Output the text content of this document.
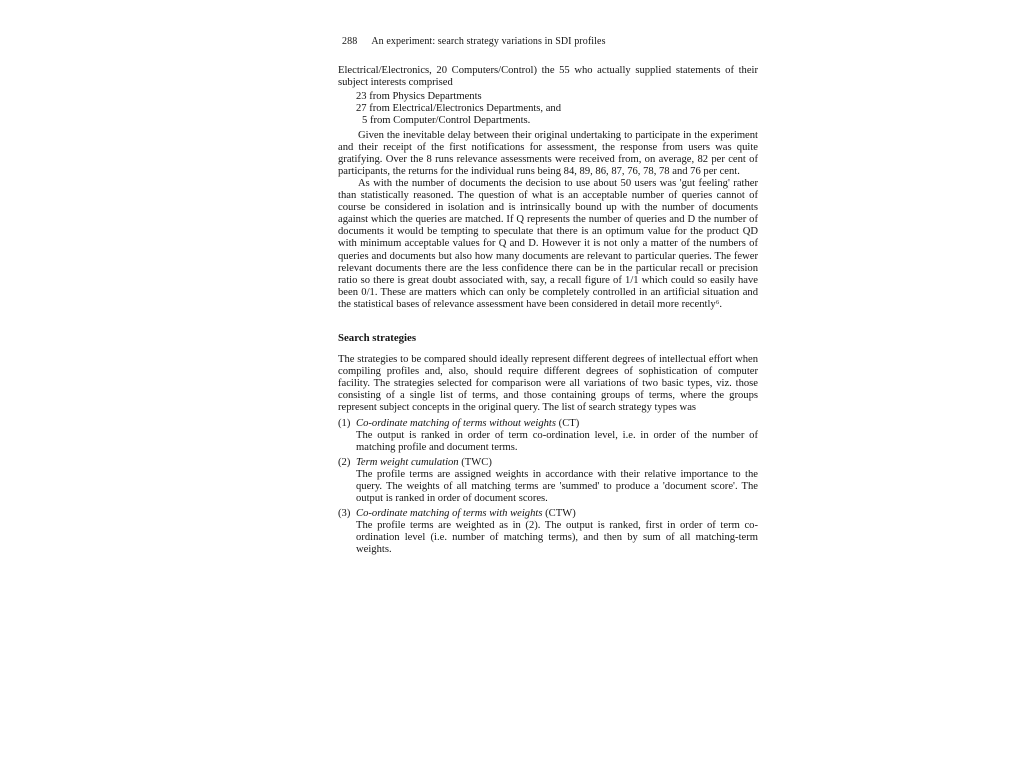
288 An experiment: search strategy variations in SDI profiles

Electrical/Electronics, 20 Computers/Control) the 55 who actually supplied statements of their subject interests comprised

23 from Physics Departments
27 from Electrical/Electronics Departments, and
5 from Computer/Control Departments.

Given the inevitable delay between their original undertaking to participate in the experiment and their receipt of the first notifications for assessment, the response from users was quite gratifying. Over the 8 runs relevance assessments were received from, on average, 82 per cent of participants, the returns for the individual runs being 84, 89, 86, 87, 76, 78, 78 and 76 per cent.

As with the number of documents the decision to use about 50 users was 'gut feeling' rather than statistically reasoned. The question of what is an acceptable number of queries cannot of course be considered in isolation and is intrinsically bound up with the number of documents against which the queries are matched. If Q represents the number of queries and D the number of documents it would be tempting to speculate that there is an optimum value for the product QD with minimum acceptable values for Q and D. However it is not only a matter of the numbers of queries and documents but also how many documents are relevant to particular queries. The fewer relevant documents there are the less confidence there can be in the particular recall or precision ratio so there is great doubt associated with, say, a recall figure of 1/1 which could so easily have been 0/1. These are matters which can only be completely controlled in an artificial situation and the statistical bases of relevance assessment have been considered in detail more recently⁶.

Search strategies

The strategies to be compared should ideally represent different degrees of intellectual effort when compiling profiles and, also, should require different degrees of sophistication of computer facility. The strategies selected for comparison were all variations of two basic types, viz. those consisting of a single list of terms, and those containing groups of terms, where the groups represent subject concepts in the original query. The list of search strategy types was

(1) Co-ordinate matching of terms without weights (CT)
The output is ranked in order of term co-ordination level, i.e. in order of the number of matching profile and document terms.
(2) Term weight cumulation (TWC)
The profile terms are assigned weights in accordance with their relative importance to the query. The weights of all matching terms are 'summed' to produce a 'document score'. The output is ranked in order of document scores.
(3) Co-ordinate matching of terms with weights (CTW)
The profile terms are weighted as in (2). The output is ranked, first in order of term co-ordination level (i.e. number of matching terms), and then by sum of all matching-term weights.
